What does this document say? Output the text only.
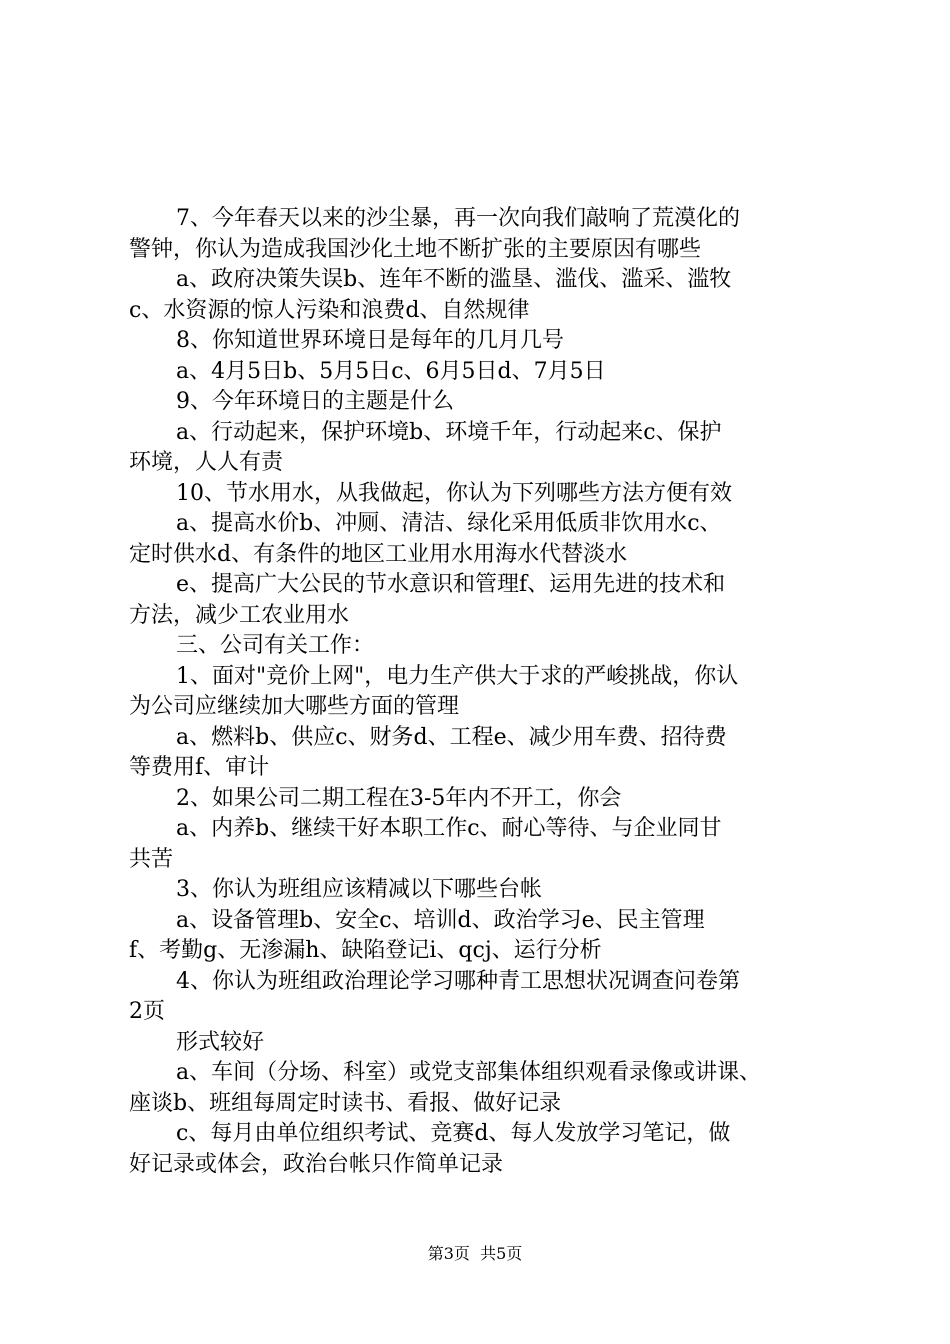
7、今年春天以来的沙尘暴，再一次向我们敲响了荒漠化的
警钟，你认为造成我国沙化土地不断扩张的主要原因有哪些
a、政府决策失误b、连年不断的滥垦、滥伐、滥采、滥牧
c、水资源的惊人污染和浪费d、自然规律
8、你知道世界环境日是每年的几月几号
a、4月5日b、5月5日c、6月5日d、7月5日
9、今年环境日的主题是什么
a、行动起来，保护环境b、环境千年，行动起来c、保护
环境，人人有责
10、节水用水，从我做起，你认为下列哪些方法方便有效
a、提高水价b、冲厕、清洁、绿化采用低质非饮用水c、
定时供水d、有条件的地区工业用水用海水代替淡水
e、提高广大公民的节水意识和管理f、运用先进的技术和
方法，减少工农业用水
三、公司有关工作：
1、面对"竞价上网"，电力生产供大于求的严峻挑战，你认
为公司应继续加大哪些方面的管理
a、燃料b、供应c、财务d、工程e、减少用车费、招待费
等费用f、审计
2、如果公司二期工程在3-5年内不开工，你会
a、内养b、继续干好本职工作c、耐心等待、与企业同甘
共苦
3、你认为班组应该精减以下哪些台帐
a、设备管理b、安全c、培训d、政治学习e、民主管理
f、考勤g、无渗漏h、缺陷登记i、qcj、运行分析
4、你认为班组政治理论学习哪种青工思想状况调查问卷第
2页
形式较好
a、车间（分场、科室）或党支部集体组织观看录像或讲课、
座谈b、班组每周定时读书、看报、做好记录
c、每月由单位组织考试、竞赛d、每人发放学习笔记，做
好记录或体会，政治台帐只作简单记录
第3页  共5页
